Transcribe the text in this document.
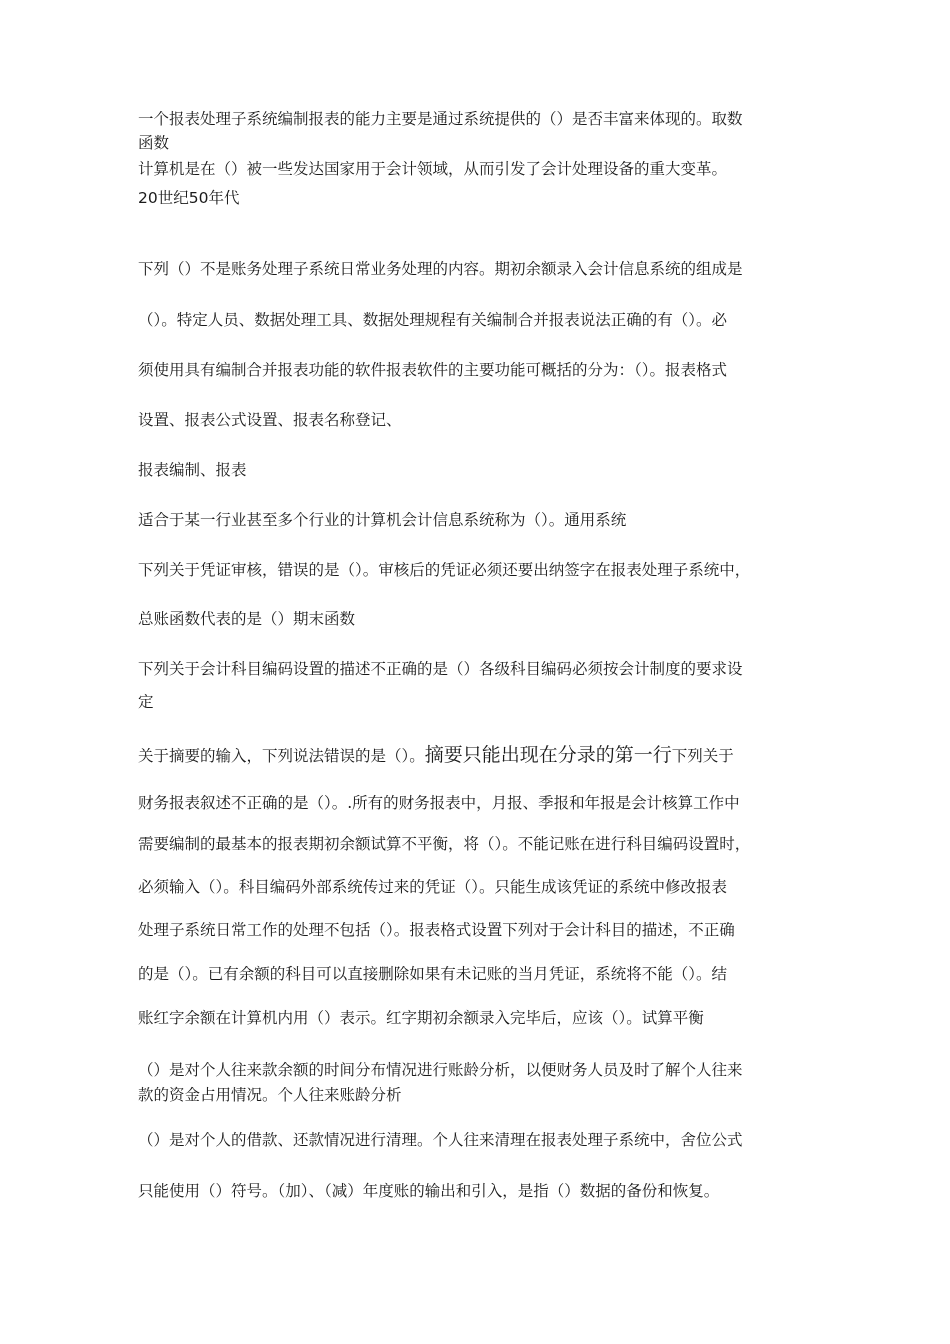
一个报表处理子系统编制报表的能力主要是通过系统提供的（）是否丰富来体现的。取数
函数
计算机是在（）被一些发达国家用于会计领域，从而引发了会计处理设备的重大变革。
20世纪50年代
下列（）不是账务处理子系统日常业务处理的内容。期初余额录入会计信息系统的组成是
（）。特定人员、数据处理工具、数据处理规程有关编制合并报表说法正确的有（）。必
须使用具有编制合并报表功能的软件报表软件的主要功能可概括的分为：（）。报表格式
设置、报表公式设置、报表名称登记、
报表编制、报表
适合于某一行业甚至多个行业的计算机会计信息系统称为（）。通用系统
下列关于凭证审核，错误的是（）。审核后的凭证必须还要出纳签字在报表处理子系统中，
总账函数代表的是（）期末函数
下列关于会计科目编码设置的描述不正确的是（）各级科目编码必须按会计制度的要求设
定
关于摘要的输入，下列说法错误的是（）。摘要只能出现在分录的第一行下列关于
财务报表叙述不正确的是（）。.所有的财务报表中，月报、季报和年报是会计核算工作中
需要编制的最基本的报表期初余额试算不平衡，将（）。不能记账在进行科目编码设置时，
必须输入（）。科目编码外部系统传过来的凭证（）。只能生成该凭证的系统中修改报表
处理子系统日常工作的处理不包括（）。报表格式设置下列对于会计科目的描述，不正确
的是（）。已有余额的科目可以直接删除如果有未记账的当月凭证，系统将不能（）。结
账红字余额在计算机内用（）表示。红字期初余额录入完毕后，应该（）。试算平衡
（）是对个人往来款余额的时间分布情况进行账龄分析，以便财务人员及时了解个人往来
款的资金占用情况。个人往来账龄分析
（）是对个人的借款、还款情况进行清理。个人往来清理在报表处理子系统中，舍位公式
只能使用（）符号。（加）、（减）年度账的输出和引入，是指（）数据的备份和恢复。
